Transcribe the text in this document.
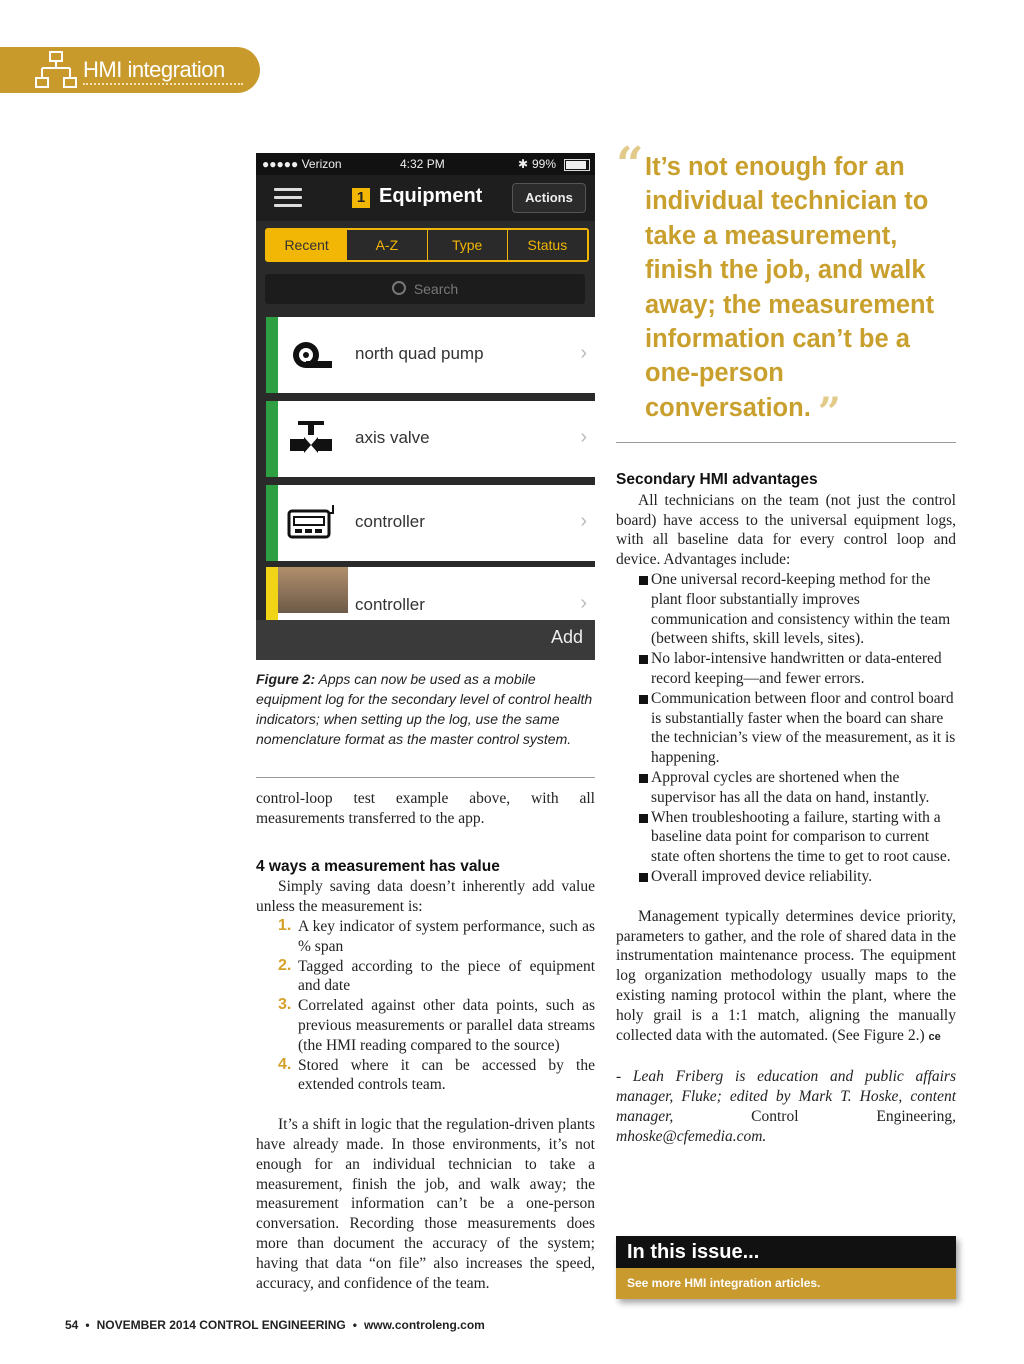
HMI integration
●●●●● Verizon	4:32 PM	✱ 99%
1 Equipment	Actions
Recent	A-Z	Type	Status
Search
north quad pump	›
axis valve	›
controller	›
controller	›
Add
Figure 2: Apps can now be used as a mobile equipment log for the secondary level of control health indicators; when setting up the log, use the same nomenclature format as the master control system.

control-loop test example above, with all measurements transferred to the app.

4 ways a measurement has value

Simply saving data doesn’t inherently add value unless the measurement is:

1. A key indicator of system performance, such as % span
2. Tagged according to the piece of equipment and date
3. Correlated against other data points, such as previous measurements or parallel data streams (the HMI reading compared to the source)
4. Stored where it can be accessed by the extended controls team.

It’s a shift in logic that the regulation-driven plants have already made. In those environments, it’s not enough for an individual technician to take a measurement, finish the job, and walk away; the measurement information can’t be a one-person conversation. Recording those measurements does more than document the accuracy of the system; having that data “on file” also increases the speed, accuracy, and confidence of the team.

“ It’s not enough for an individual technician to take a measurement, finish the job, and walk away; the measurement information can’t be a one-person conversation. ”
Secondary HMI advantages

All technicians on the team (not just the control board) have access to the universal equipment logs, with all baseline data for every control loop and device. Advantages include:

One universal record-keeping method for the plant floor substantially improves communication and consistency within the team (between shifts, skill levels, sites).
No labor-intensive handwritten or data-entered record keeping—and fewer errors.
Communication between floor and control board is substantially faster when the board can share the technician’s view of the measurement, as it is happening.
Approval cycles are shortened when the supervisor has all the data on hand, instantly.
When troubleshooting a failure, starting with a baseline data point for comparison to current state often shortens the time to get to root cause.
Overall improved device reliability.

Management typically determines device priority, parameters to gather, and the role of shared data in the instrumentation maintenance process. The equipment log organization methodology usually maps to the existing naming protocol within the plant, where the holy grail is a 1:1 match, aligning the manually collected data with the automated. (See Figure 2.) ce

- Leah Friberg is education and public affairs manager, Fluke; edited by Mark T. Hoske, content manager, Control Engineering, mhoske@cfemedia.com.

In this issue...
See more HMI integration articles.
54 • NOVEMBER 2014 CONTROL ENGINEERING • www.controleng.com
